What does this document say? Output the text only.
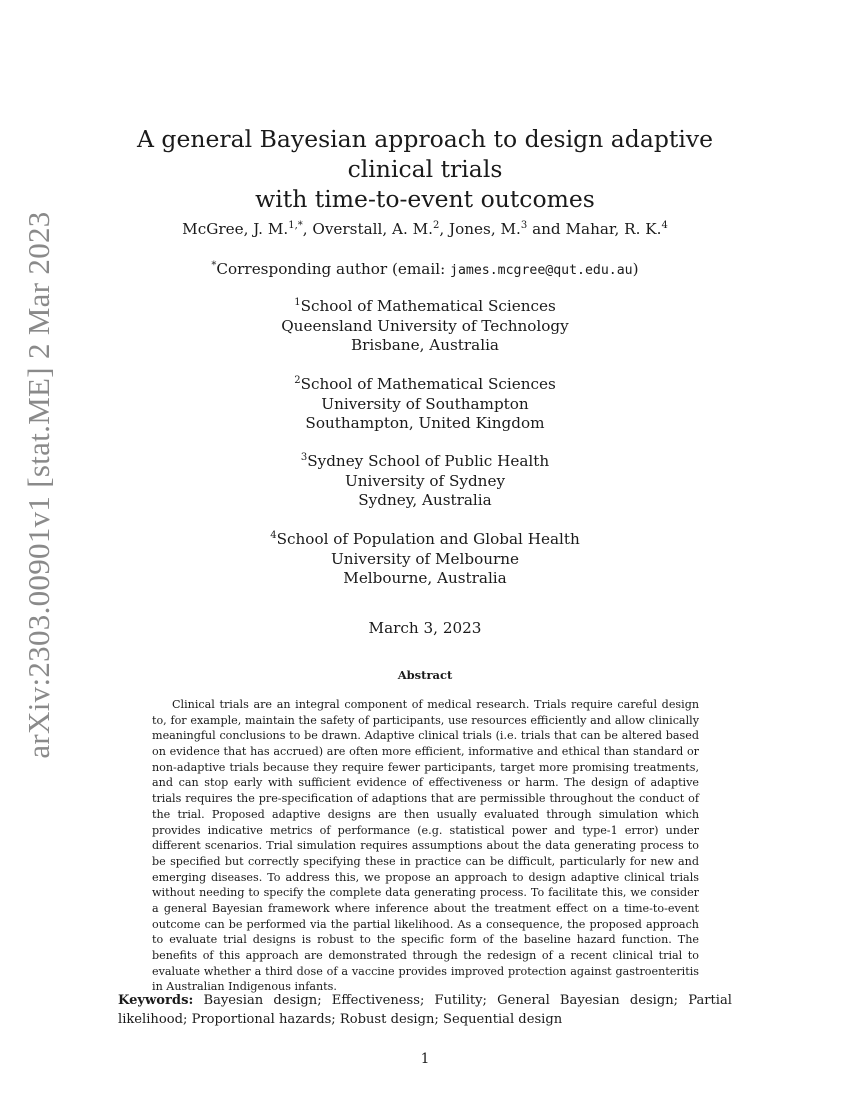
arXiv:2303.00901v1 [stat.ME] 2 Mar 2023
A general Bayesian approach to design adaptive clinical trials
with time-to-event outcomes
McGree, J. M.$^{1,*}$, Overstall, A. M.$^2$, Jones, M.$^3$ and Mahar, R. K.$^4$
*Corresponding author (email: james.mcgree@qut.edu.au)
$^1$School of Mathematical Sciences
Queensland University of Technology
Brisbane, Australia
$^2$School of Mathematical Sciences
University of Southampton
Southampton, United Kingdom
$^3$Sydney School of Public Health
University of Sydney
Sydney, Australia
$^4$School of Population and Global Health
University of Melbourne
Melbourne, Australia
March 3, 2023
Abstract
Clinical trials are an integral component of medical research. Trials require careful design to, for example, maintain the safety of participants, use resources efficiently and allow clinically meaningful conclusions to be drawn. Adaptive clinical trials (i.e. trials that can be altered based on evidence that has accrued) are often more efficient, informative and ethical than standard or non-adaptive trials because they require fewer participants, target more promising treatments, and can stop early with sufficient evidence of effectiveness or harm. The design of adaptive trials requires the pre-specification of adaptions that are permissible throughout the conduct of the trial. Proposed adaptive designs are then usually evaluated through simulation which provides indicative metrics of performance (e.g. statistical power and type-1 error) under different scenarios. Trial simulation requires assumptions about the data generating process to be specified but correctly specifying these in practice can be difficult, particularly for new and emerging diseases. To address this, we propose an approach to design adaptive clinical trials without needing to specify the complete data generating process. To facilitate this, we consider a general Bayesian framework where inference about the treatment effect on a time-to-event outcome can be performed via the partial likelihood. As a consequence, the proposed approach to evaluate trial designs is robust to the specific form of the baseline hazard function. The benefits of this approach are demonstrated through the redesign of a recent clinical trial to evaluate whether a third dose of a vaccine provides improved protection against gastroenteritis in Australian Indigenous infants.
Keywords: Bayesian design; Effectiveness; Futility; General Bayesian design; Partial likelihood; Proportional hazards; Robust design; Sequential design
1
